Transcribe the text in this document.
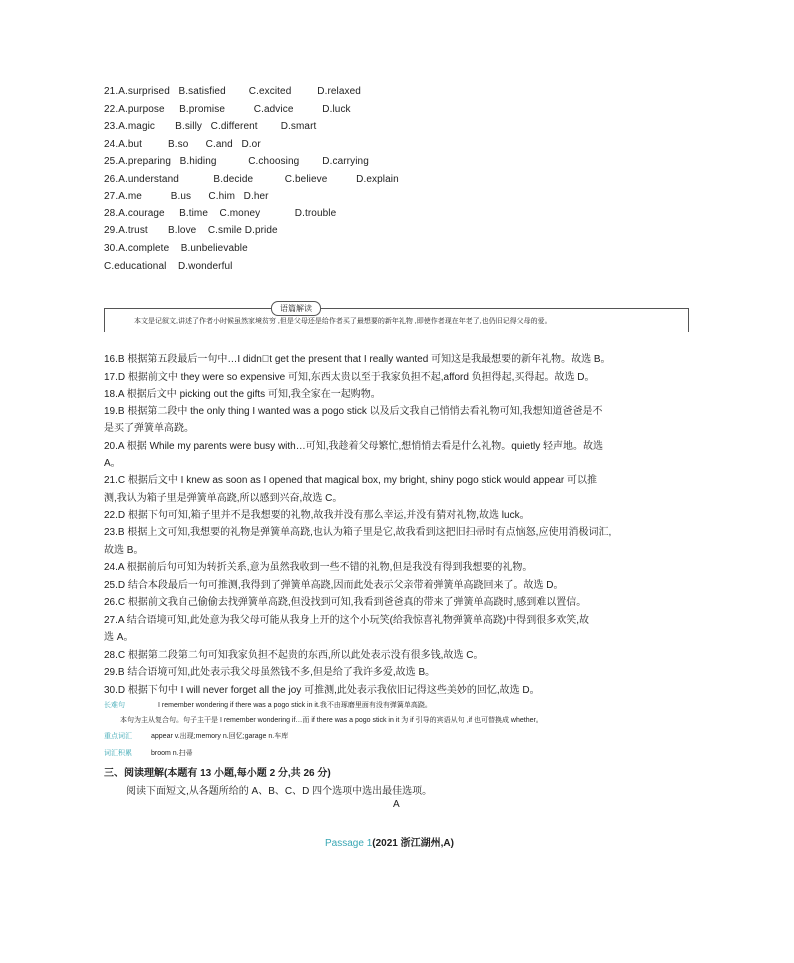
21.A.surprised   B.satisfied        C.excited         D.relaxed
22.A.purpose     B.promise          C.advice          D.luck
23.A.magic       B.silly   C.different        D.smart
24.A.but         B.so      C.and   D.or
25.A.preparing   B.hiding           C.choosing        D.carrying
26.A.understand            B.decide           C.believe          D.explain
27.A.me          B.us      C.him   D.her
28.A.courage     B.time    C.money            D.trouble
29.A.trust       B.love    C.smile D.pride
30.A.complete    B.unbelievable
C.educational    D.wonderful
语篇解读
本文是记叙文,讲述了作者小时候虽然家境贫穷 ,但是父母还是给作者买了最想要的新年礼物 ,即使作者现在年老了,也仍旧记得父母的爱。
16.B 根据第五段最后一句中…I didn t get the present that I really wanted 可知这是我最想要的新年礼物。故选 B。
17.D 根据前文中 they were so expensive 可知,东西太贵以至于我家负担不起,afford 负担得起,买得起。故选 D。
18.A 根据后文中 picking out the gifts 可知,我全家在一起购物。
19.B 根据第二段中 the only thing I wanted was a pogo stick 以及后文我自己悄悄去看礼物可知,我想知道爸爸是不
是买了弹簧单高跷。
20.A 根据 While my parents were busy with…可知,我趁着父母繁忙,想悄悄去看是什么礼物。quietly 轻声地。故选
A。
21.C 根据后文中 I knew as soon as I opened that magical box, my bright, shiny pogo stick would appear 可以推
测,我认为箱子里是弹簧单高跷,所以感到兴奋,故选 C。
22.D 根据下句可知,箱子里并不是我想要的礼物,故我并没有那么幸运,并没有猜对礼物,故选 luck。
23.B 根据上文可知,我想要的礼物是弹簧单高跷,也认为箱子里是它,故我看到这把旧扫帚时有点恼怒,应使用消极词汇,
故选 B。
24.A 根据前后句可知为转折关系,意为虽然我收到一些不错的礼物,但是我没有得到我想要的礼物。
25.D 结合本段最后一句可推测,我得到了弹簧单高跷,因而此处表示父亲带着弹簧单高跷回来了。故选 D。
26.C 根据前文我自己偷偷去找弹簧单高跷,但没找到可知,我看到爸爸真的带来了弹簧单高跷时,感到难以置信。
27.A 结合语境可知,此处意为我父母可能从我身上开的这个小玩笑(给我惊喜礼物弹簧单高跷)中得到很多欢笑,故
选 A。
28.C 根据第二段第二句可知我家负担不起贵的东西,所以此处表示没有很多钱,故选 C。
29.B 结合语境可知,此处表示我父母虽然钱不多,但是给了我许多爱,故选 B。
30.D 根据下句中 I will never forget all the joy 可推测,此处表示我依旧记得这些美妙的回忆,故选 D。
长难句	I remember wondering if there was a pogo stick in it.我不由琢磨里面有没有弹簧单高跷。
本句为主从复合句。句子主干是 I remember wondering if…而 if there was a pogo stick in it 为 if 引导的宾语从句 ,if 也可替换成 whether。
重点词汇	appear v.出现;memory n.回忆;garage n.车库
词汇积累	broom n.扫帚
三、阅读理解(本题有 13 小题,每小题 2 分,共 26 分)
阅读下面短文,从各题所给的 A、B、C、D 四个选项中选出最佳选项。
A
Passage 1(2021 浙江湖州,A)
